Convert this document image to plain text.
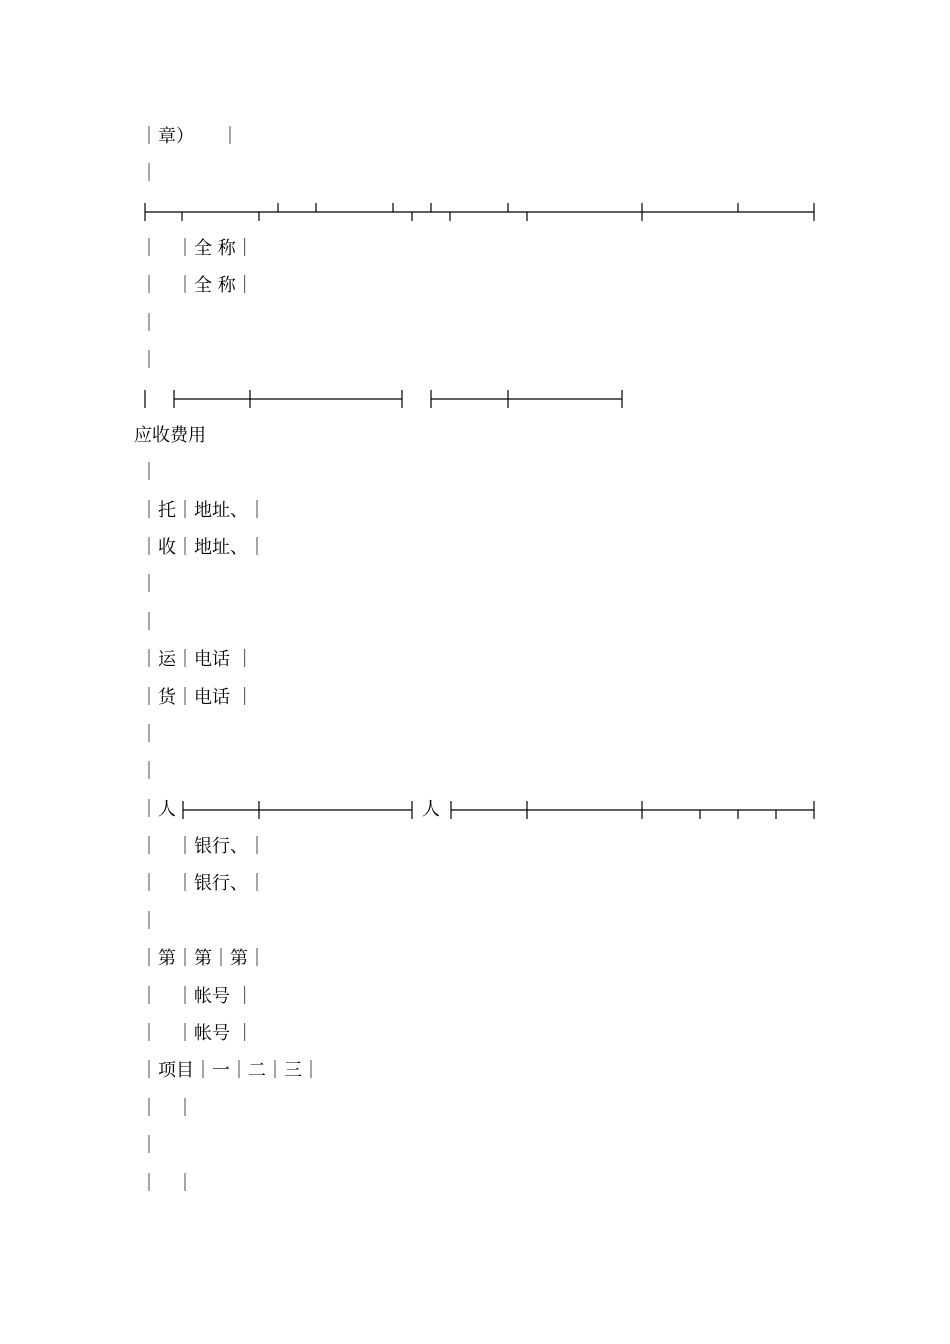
｜章）　　｜
｜
｜　｜全 称｜
｜　｜全 称｜
｜
｜
应收费用
｜
｜托｜地址、｜
｜收｜地址、｜
｜
｜
｜运｜电话 ｜
｜货｜电话 ｜
｜
｜
｜人	人
｜　｜银行、｜
｜　｜银行、｜
｜
｜第｜第｜第｜
｜　｜帐号 ｜
｜　｜帐号 ｜
｜项目｜一｜二｜三｜
｜　｜
｜
｜　｜
